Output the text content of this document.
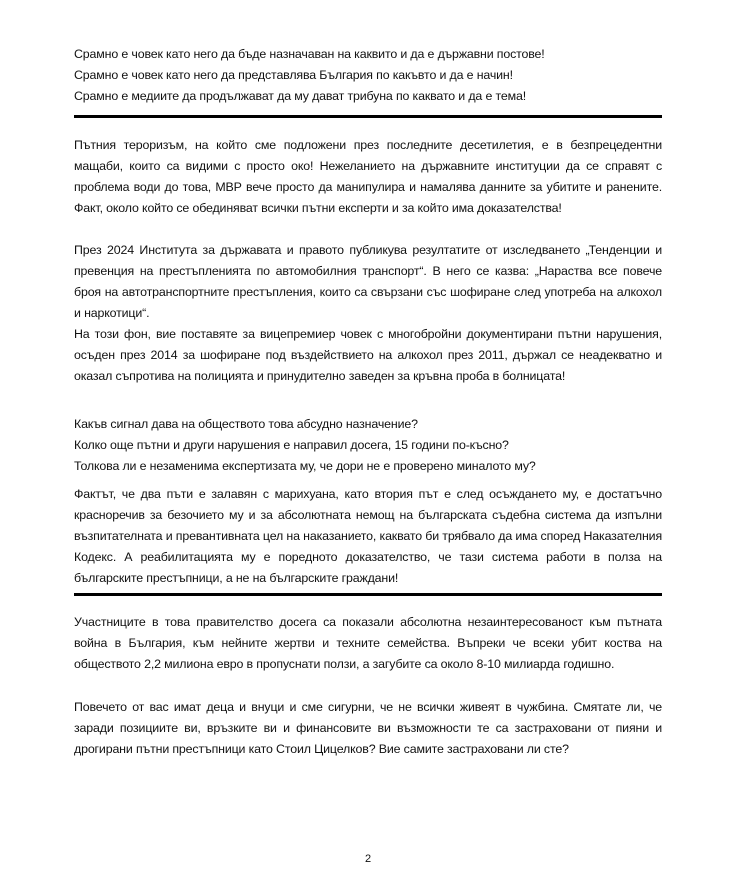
Срамно е човек като него да бъде назначаван на каквито и да е държавни постове!
Срамно е човек като него да представлява България по какъвто и да е начин!
Срамно е медиите да продължават да му дават трибуна по каквато и да е тема!

Пътния тероризъм, на който сме подложени през последните десетилетия, е в безпрецедентни мащаби, които са видими с просто око! Нежеланието на държавните институции да се справят с проблема води до това, МВР вече просто да манипулира и намалява данните за убитите и ранените. Факт, около който се обединяват всички пътни експерти и за който има доказателства!

През 2024 Института за държавата и правото публикува резултатите от изследването „Тенденции и превенция на престъпленията по автомобилния транспорт“. В него се казва: „Нараства все повече броя на автотранспортните престъпления, които са свързани със шофиране след употреба на алкохол и наркотици“.

На този фон, вие поставяте за вицепремиер човек с многобройни документирани пътни нарушения, осъден през 2014 за шофиране под въздействието на алкохол през 2011, държал се неадекватно и оказал съпротива на полицията и принудително заведен за кръвна проба в болницата!

Какъв сигнал дава на обществото това абсудно назначение?
Колко още пътни и други нарушения е направил досега, 15 години по-късно?
Толкова ли е незаменима експертизата му, че дори не е проверено миналото му?

Фактът, че два пъти е залавян с марихуана, като втория път е след осъждането му, е достатъчно красноречив за безочието му и за абсолютната немощ на българската съдебна система да изпълни възпитателната и превантивната цел на наказанието, каквато би трябвало да има според Наказателния Кодекс. А реабилитацията му е поредното доказателство, че тази система работи в полза на българските престъпници, а не на българските граждани!

Участниците в това правителство досега са показали абсолютна незаинтересованост към пътната война в България, към нейните жертви и техните семейства. Въпреки че всеки убит коства на обществото 2,2 милиона евро в пропуснати ползи, а загубите са около 8-10 милиарда годишно.

Повечето от вас имат деца и внуци и сме сигурни, че не всички живеят в чужбина. Смятате ли, че заради позициите ви, връзките ви и финансовите ви възможности те са застраховани от пияни и дрогирани пътни престъпници като Стоил Цицелков? Вие самите застраховани ли сте?

2
